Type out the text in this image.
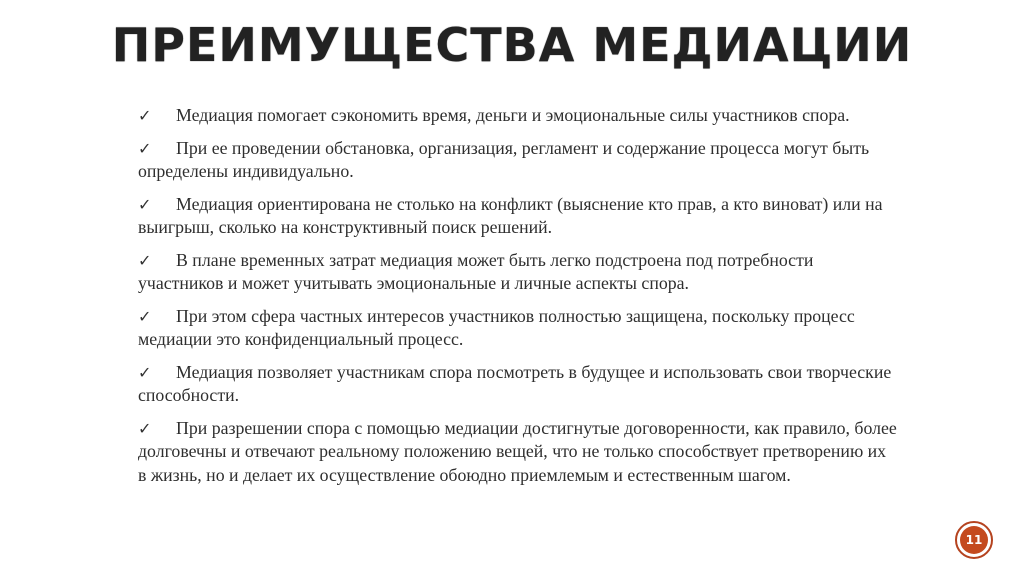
ПРЕИМУЩЕСТВА МЕДИАЦИИ
✓ Медиация помогает сэкономить время, деньги и эмоциональные силы участников спора.
✓ При ее проведении обстановка, организация, регламент и содержание процесса могут быть определены индивидуально.
✓ Медиация ориентирована не столько на конфликт (выяснение кто прав, а кто виноват) или на выигрыш, сколько на конструктивный поиск решений.
✓ В плане временных затрат медиация может быть легко подстроена под потребности участников и может учитывать эмоциональные и личные аспекты спора.
✓ При этом сфера частных интересов участников полностью защищена, поскольку процесс медиации это конфиденциальный процесс.
✓ Медиация позволяет участникам спора посмотреть в будущее и использовать свои творческие способности.
✓ При разрешении спора с помощью медиации достигнутые договоренности, как правило, более долговечны и отвечают реальному положению вещей, что не только способствует претворению их в жизнь, но и делает их осуществление обоюдно приемлемым и естественным шагом.
11
